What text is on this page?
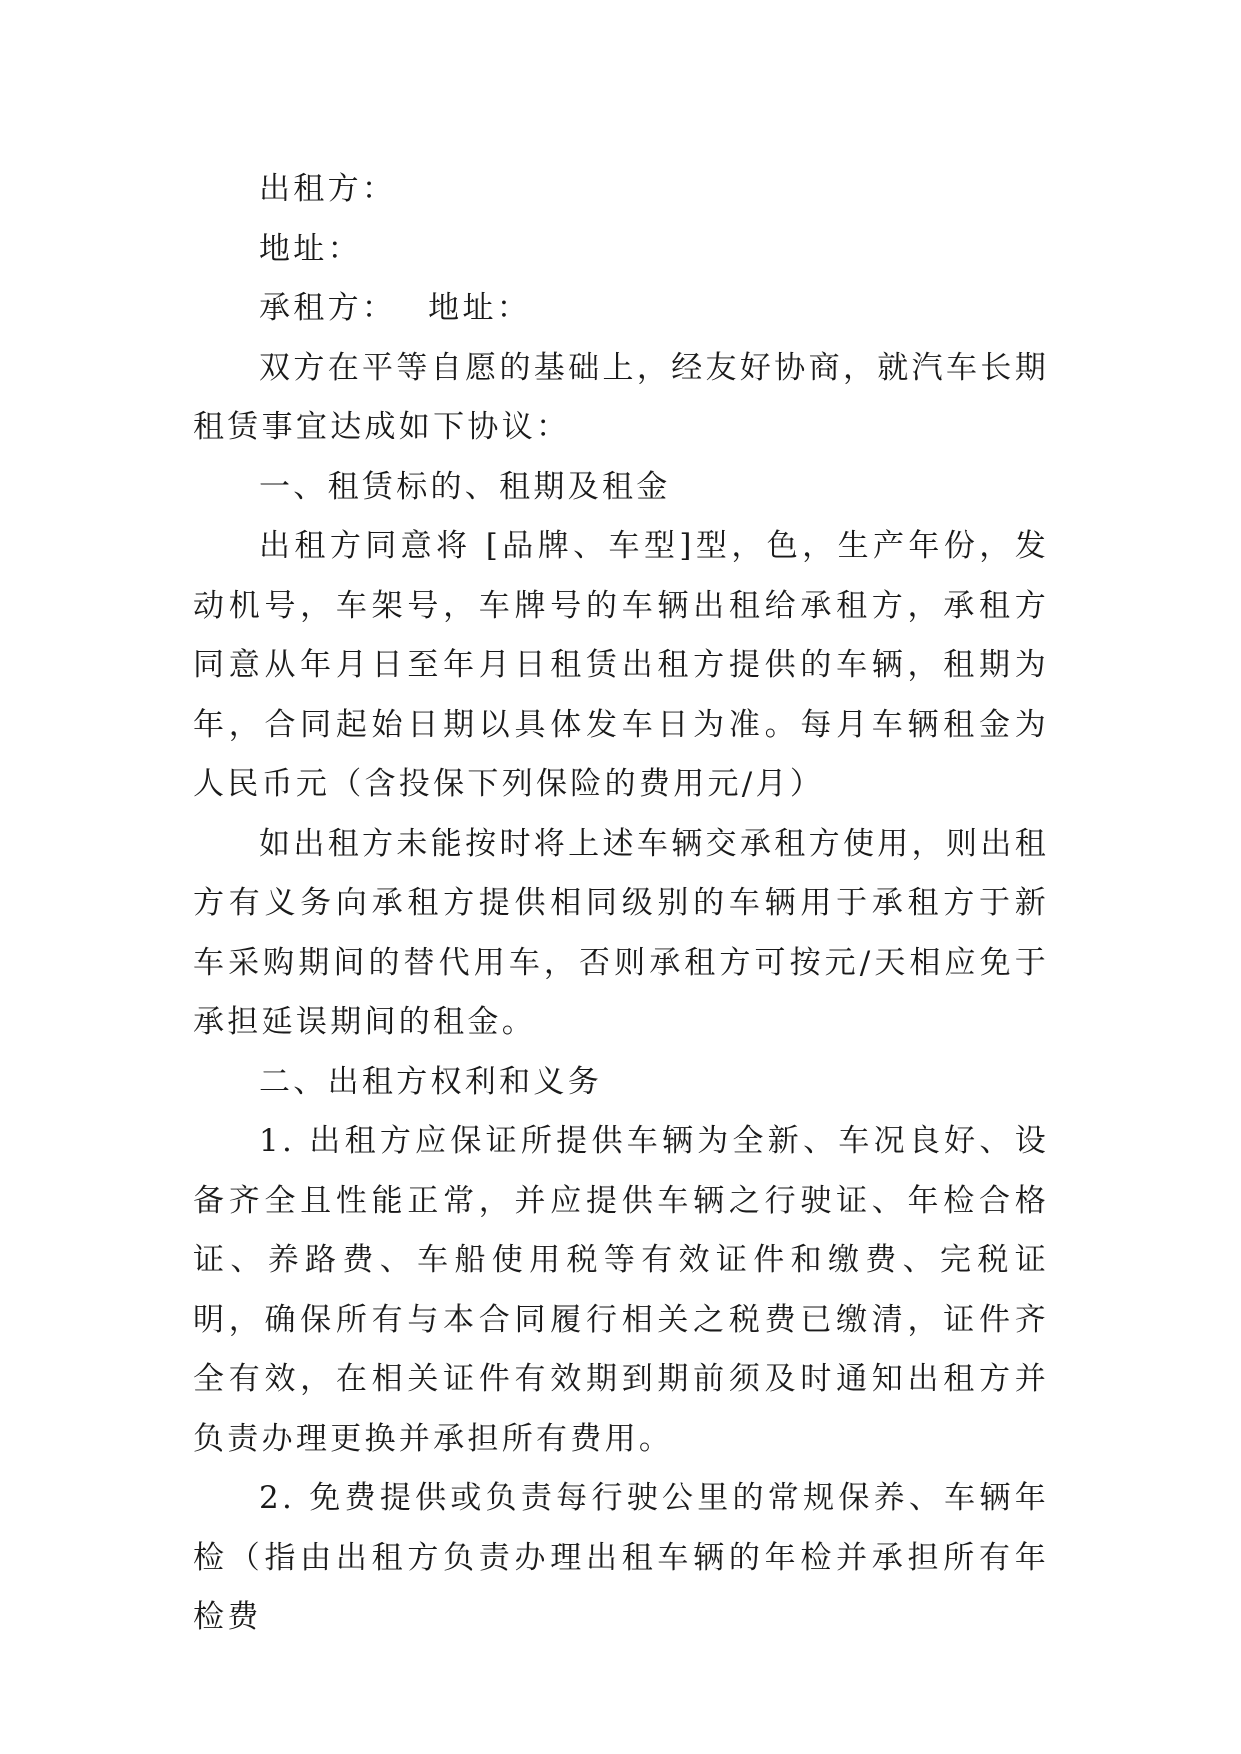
出租方：

地址：

承租方：　 地址：

双方在平等自愿的基础上，经友好协商，就汽车长期租赁事宜达成如下协议：

一、租赁标的、租期及租金

出租方同意将 [品牌、车型]型，色，生产年份，发动机号，车架号，车牌号的车辆出租给承租方，承租方同意从年月日至年月日租赁出租方提供的车辆，租期为年，合同起始日期以具体发车日为准。每月车辆租金为人民币元（含投保下列保险的费用元/月）

如出租方未能按时将上述车辆交承租方使用，则出租方有义务向承租方提供相同级别的车辆用于承租方于新车采购期间的替代用车，否则承租方可按元/天相应免于承担延误期间的租金。

二、出租方权利和义务

1. 出租方应保证所提供车辆为全新、车况良好、设备齐全且性能正常，并应提供车辆之行驶证、年检合格证、养路费、车船使用税等有效证件和缴费、完税证明，确保所有与本合同履行相关之税费已缴清，证件齐全有效，在相关证件有效期到期前须及时通知出租方并负责办理更换并承担所有费用。

2. 免费提供或负责每行驶公里的常规保养、车辆年检（指由出租方负责办理出租车辆的年检并承担所有年检费
